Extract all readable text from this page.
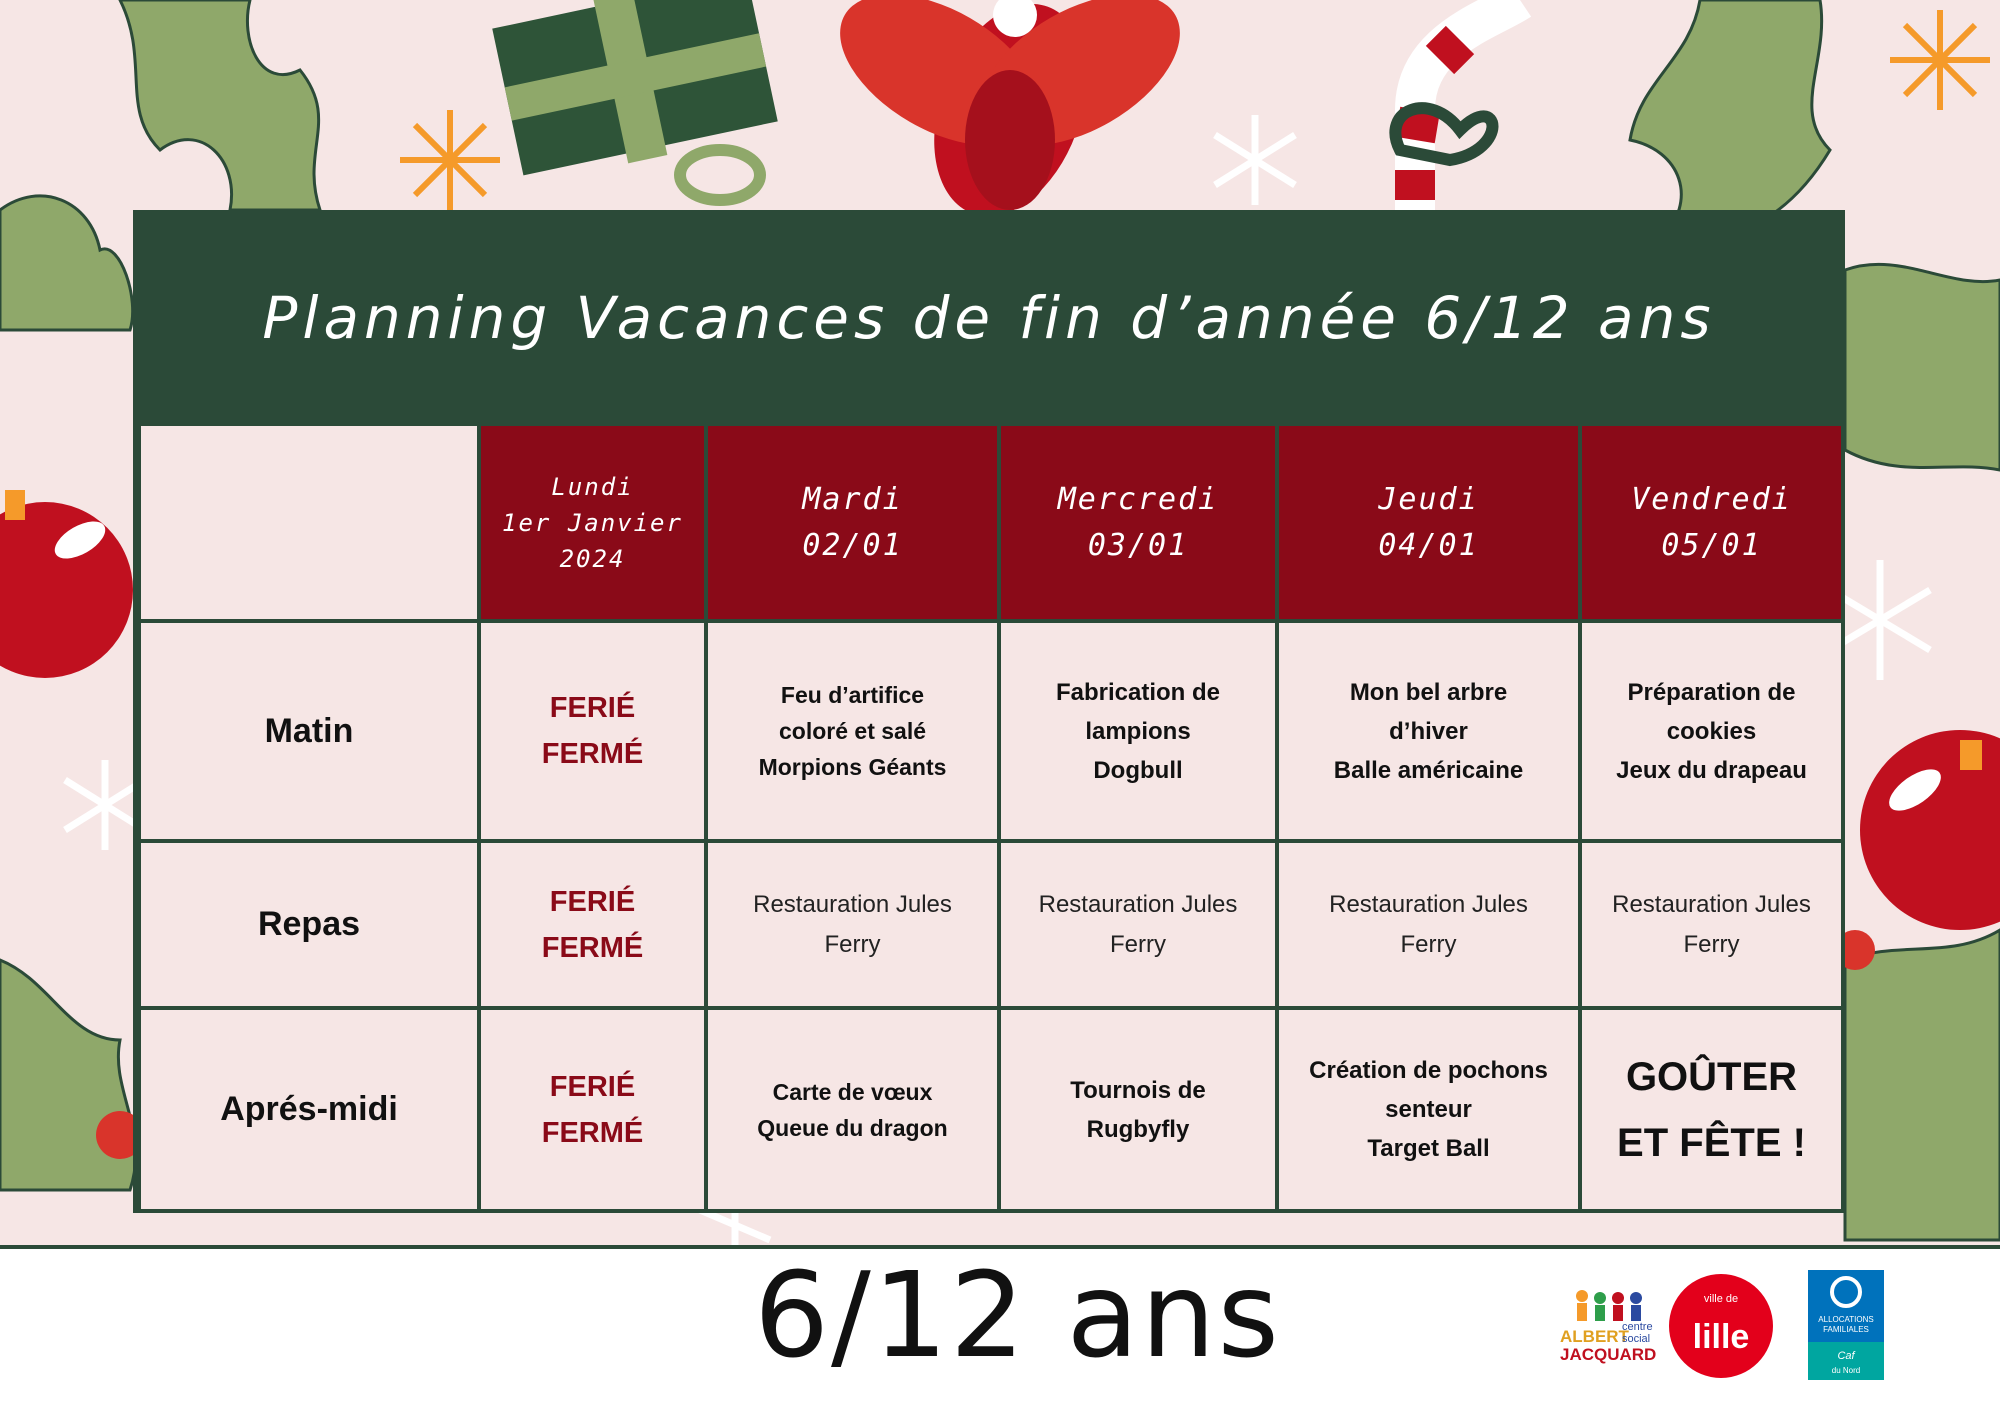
Planning Vacances de fin d’année 6/12 ans

	Lundi
1er Janvier
2024	Mardi
02/01	Mercredi
03/01	Jeudi
04/01	Vendredi
05/01

Matin	FERIÉ
FERMÉ	Feu d’artifice
coloré et salé
Morpions Géants	Fabrication de
lampions
Dogbull	Mon bel arbre
d’hiver
Balle américaine	Préparation de
cookies
Jeux du drapeau

Repas	FERIÉ
FERMÉ	Restauration Jules
Ferry	Restauration Jules
Ferry	Restauration Jules
Ferry	Restauration Jules
Ferry

Aprés-midi	FERIÉ
FERMÉ	Carte de vœux
Queue du dragon	Tournois de
Rugbyfly	Création de pochons
senteur
Target Ball	GOÛTER
ET FÊTE !
6/12 ans	ALBERT
JACQUARD
centre
social
ville de
lille	ALLOCATIONS
FAMILIALES
Caf
du Nord
